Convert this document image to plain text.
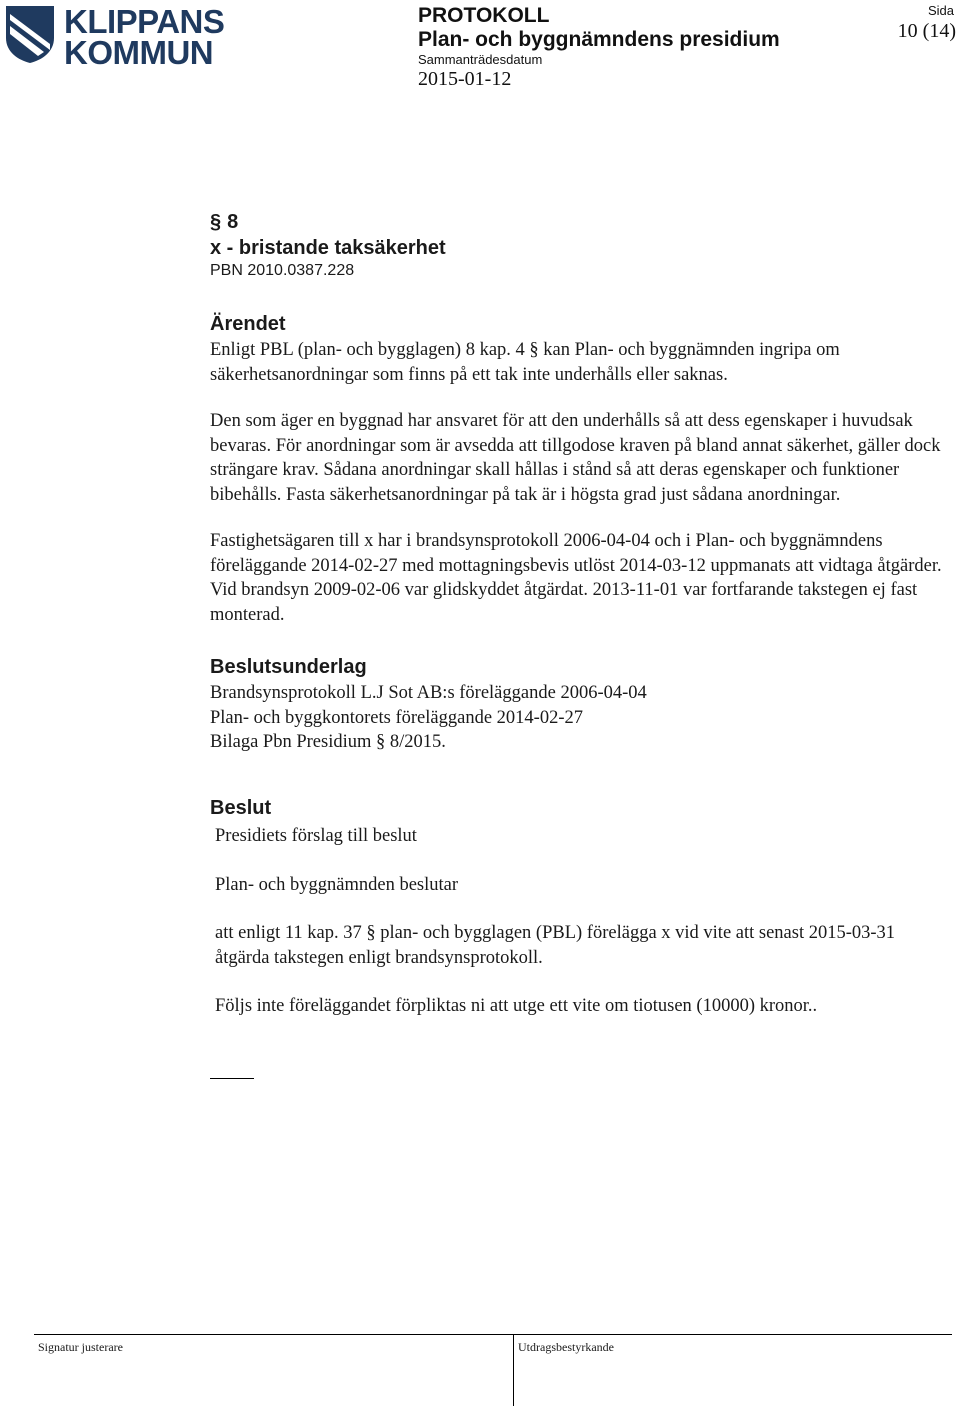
KLIPPANS
KOMMUN
PROTOKOLL
Plan- och byggnämndens presidium
Sammanträdesdatum
2015-01-12
Sida
10 (14)
§ 8
x - bristande taksäkerhet
PBN 2010.0387.228
Ärendet

Enligt PBL (plan- och bygglagen) 8 kap. 4 § kan Plan- och byggnämnden ingripa om säkerhetsanordningar som finns på ett tak inte underhålls eller saknas.

Den som äger en byggnad har ansvaret för att den underhålls så att dess egenskaper i huvudsak bevaras. För anordningar som är avsedda att tillgodose kraven på bland annat säkerhet, gäller dock strängare krav. Sådana anordningar skall hållas i stånd så att deras egenskaper och funktioner bibehålls. Fasta säkerhetsanordningar på tak är i högsta grad just sådana anordningar.

Fastighetsägaren till x har i brandsynsprotokoll 2006-04-04 och i Plan- och byggnämndens föreläggande 2014-02-27 med mottagningsbevis utlöst 2014-03-12 uppmanats att vidtaga åtgärder. Vid brandsyn 2009-02-06 var glidskyddet åtgärdat. 2013-11-01 var fortfarande takstegen ej fast monterad.

Beslutsunderlag

Brandsynsprotokoll L.J Sot AB:s föreläggande 2006-04-04

Plan- och byggkontorets föreläggande 2014-02-27

Bilaga Pbn Presidium § 8/2015.

Beslut

Presidiets förslag till beslut

Plan- och byggnämnden beslutar

att enligt 11 kap. 37 § plan- och bygglagen (PBL) förelägga x vid vite att senast 2015-03-31 åtgärda takstegen enligt brandsynsprotokoll.

Följs inte föreläggandet förpliktas ni att utge ett vite om tiotusen (10000) kronor..

Signatur justerare	Utdragsbestyrkande
